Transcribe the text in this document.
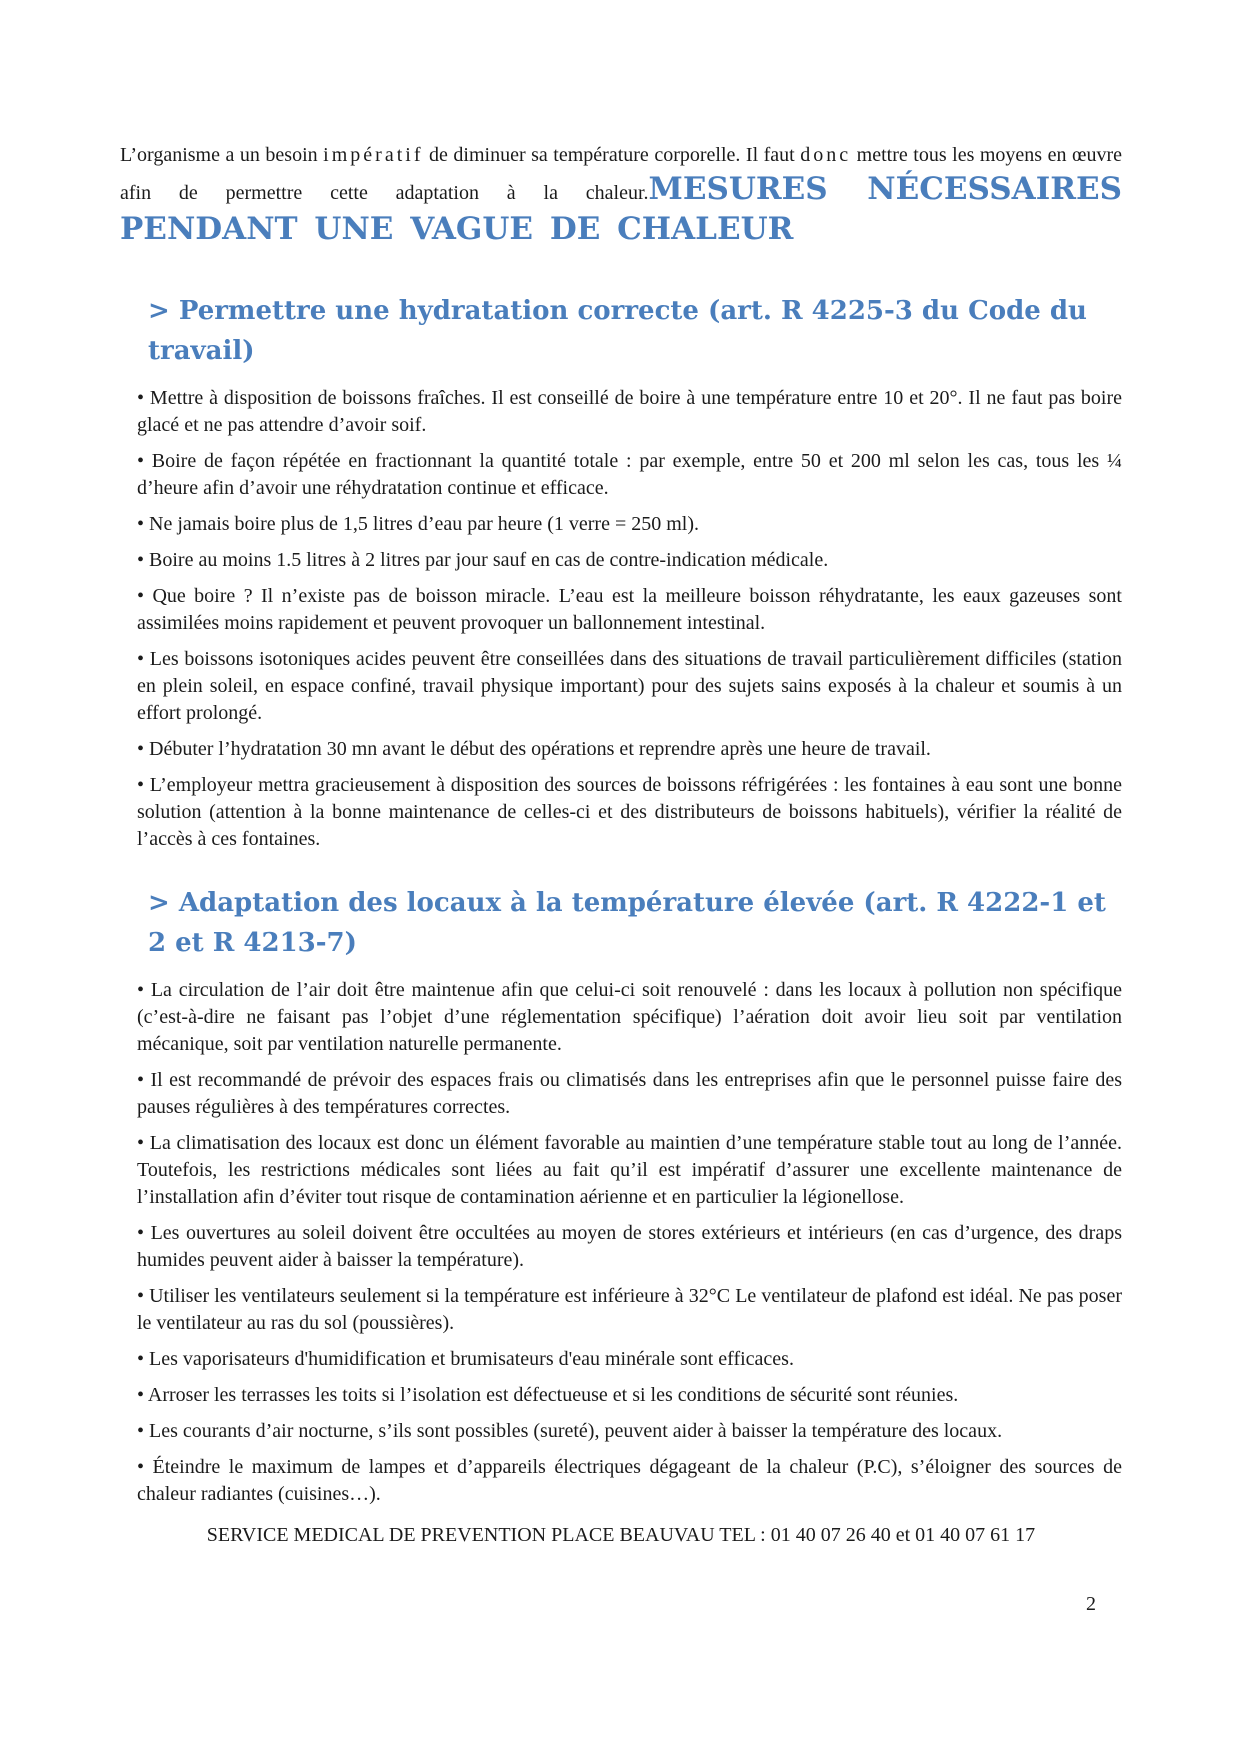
L’organisme a un besoin impératif de diminuer sa température corporelle. Il faut donc mettre tous les moyens en œuvre afin de permettre cette adaptation à la chaleur.MESURES NÉCESSAIRES PENDANT UNE VAGUE DE CHALEUR

> Permettre une hydratation correcte (art. R 4225-3 du Code du travail)
• Mettre à disposition de boissons fraîches. Il est conseillé de boire à une température entre 10 et 20°. Il ne faut pas boire glacé et ne pas attendre d’avoir soif.
• Boire de façon répétée en fractionnant la quantité totale : par exemple, entre 50 et 200 ml selon les cas, tous les ¼ d’heure afin d’avoir une réhydratation continue et efficace.
• Ne jamais boire plus de 1,5 litres d’eau par heure (1 verre = 250 ml).
• Boire au moins 1.5 litres à 2 litres par jour sauf en cas de contre-indication médicale.
• Que boire ? Il n’existe pas de boisson miracle. L’eau est la meilleure boisson réhydratante, les eaux gazeuses sont assimilées moins rapidement et peuvent provoquer un ballonnement intestinal.
• Les boissons isotoniques acides peuvent être conseillées dans des situations de travail particulièrement difficiles (station en plein soleil, en espace confiné, travail physique important) pour des sujets sains exposés à la chaleur et soumis à un effort prolongé.
• Débuter l’hydratation 30 mn avant le début des opérations et reprendre après une heure de travail.
• L’employeur mettra gracieusement à disposition des sources de boissons réfrigérées : les fontaines à eau sont une bonne solution (attention à la bonne maintenance de celles-ci et des distributeurs de boissons habituels), vérifier la réalité de l’accès à ces fontaines.
> Adaptation des locaux à la température élevée (art. R 4222-1 et 2 et R 4213-7)
• La circulation de l’air doit être maintenue afin que celui-ci soit renouvelé : dans les locaux à pollution non spécifique (c’est-à-dire ne faisant pas l’objet d’une réglementation spécifique) l’aération doit avoir lieu soit par ventilation mécanique, soit par ventilation naturelle permanente.
• Il est recommandé de prévoir des espaces frais ou climatisés dans les entreprises afin que le personnel puisse faire des pauses régulières à des températures correctes.
• La climatisation des locaux est donc un élément favorable au maintien d’une température stable tout au long de l’année. Toutefois, les restrictions médicales sont liées au fait qu’il est impératif d’assurer une excellente maintenance de l’installation afin d’éviter tout risque de contamination aérienne et en particulier la légionellose.
• Les ouvertures au soleil doivent être occultées au moyen de stores extérieurs et intérieurs (en cas d’urgence, des draps humides peuvent aider à baisser la température).
• Utiliser les ventilateurs seulement si la température est inférieure à 32°C Le ventilateur de plafond est idéal. Ne pas poser le ventilateur au ras du sol (poussières).
• Les vaporisateurs d'humidification et brumisateurs d'eau minérale sont efficaces.
• Arroser les terrasses les toits si l’isolation est défectueuse et si les conditions de sécurité sont réunies.
• Les courants d’air nocturne, s’ils sont possibles (sureté), peuvent aider à baisser la température des locaux.
• Éteindre le maximum de lampes et d’appareils électriques dégageant de la chaleur (P.C), s’éloigner des sources de chaleur radiantes (cuisines…).
SERVICE MEDICAL DE PREVENTION PLACE BEAUVAU TEL : 01 40 07 26 40 et 01 40 07 61 17
2
